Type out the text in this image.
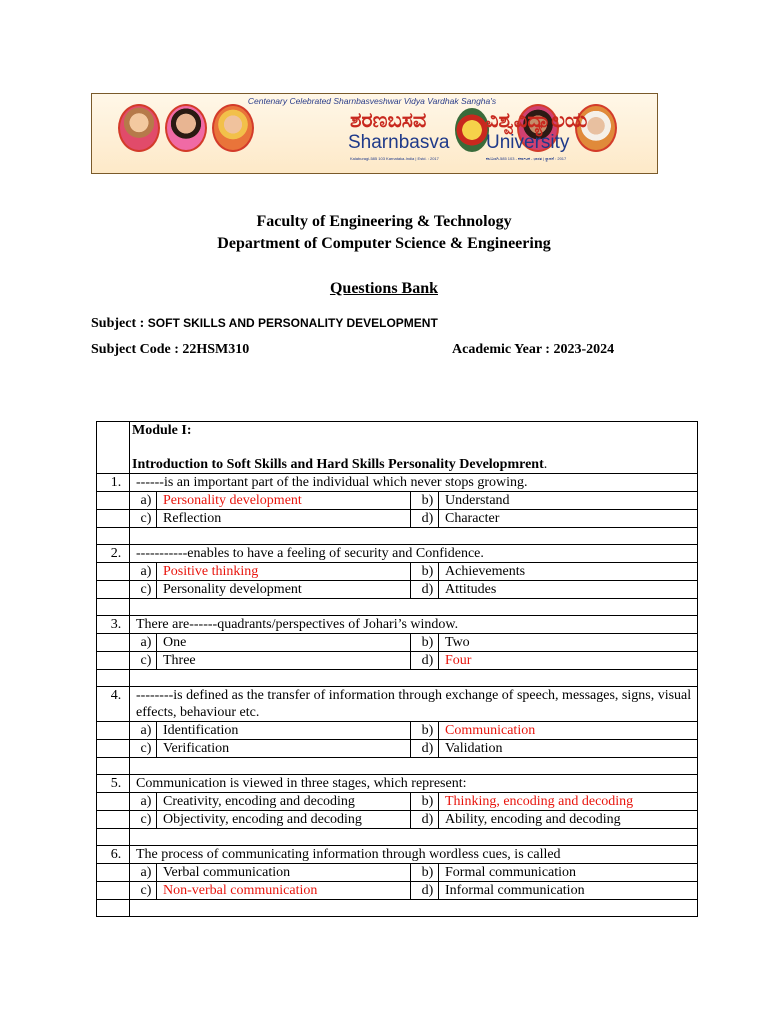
Centenary Celebrated Sharnbasveshwar Vidya Vardhak Sangha's
ಶರಣಬಸವ	ವಿಶ್ವವಿದ್ಯಾಲಯ
Sharnbasva University
Kalaburagi-585 103 Karnataka-India | Estd. : 2017	ಕಲಬುರಗಿ-585 103 - ಕರ್ನಾಟಕ - ಭಾರತ | ಸ್ಥಾಪನೆ : 2017
Faculty of Engineering & Technology
Department of Computer Science & Engineering
Questions Bank
Subject : SOFT SKILLS AND PERSONALITY DEVELOPMENT
Subject Code : 22HSM310	Academic Year : 2023-2024

	Module I:
Introduction to Soft Skills and Hard Skills Personality Developmrent.			

1.	------is an important part of the individual which never stops growing.			
	a)	Personality development	b)	Understand
	c)	Reflection	d)	Character

2.	-----------enables to have a feeling of security and Confidence.			
	a)	Positive thinking	b)	Achievements
	c)	Personality development	d)	Attitudes

3.	There are------quadrants/perspectives of Johari’s window.			
	a)	One	b)	Two
	c)	Three	d)	Four

4.	--------is defined as the transfer of information through exchange of speech, messages, signs, visual effects, behaviour etc.			
	a)	Identification	b)	Communication
	c)	Verification	d)	Validation

5.	Communication is viewed in three stages, which represent:			
	a)	Creativity, encoding and decoding	b)	Thinking, encoding and decoding
	c)	Objectivity, encoding and decoding	d)	Ability, encoding and decoding

6.	The process of communicating information through wordless cues, is called			
	a)	Verbal communication	b)	Formal communication
	c)	Non-verbal communication	d)	Informal communication
